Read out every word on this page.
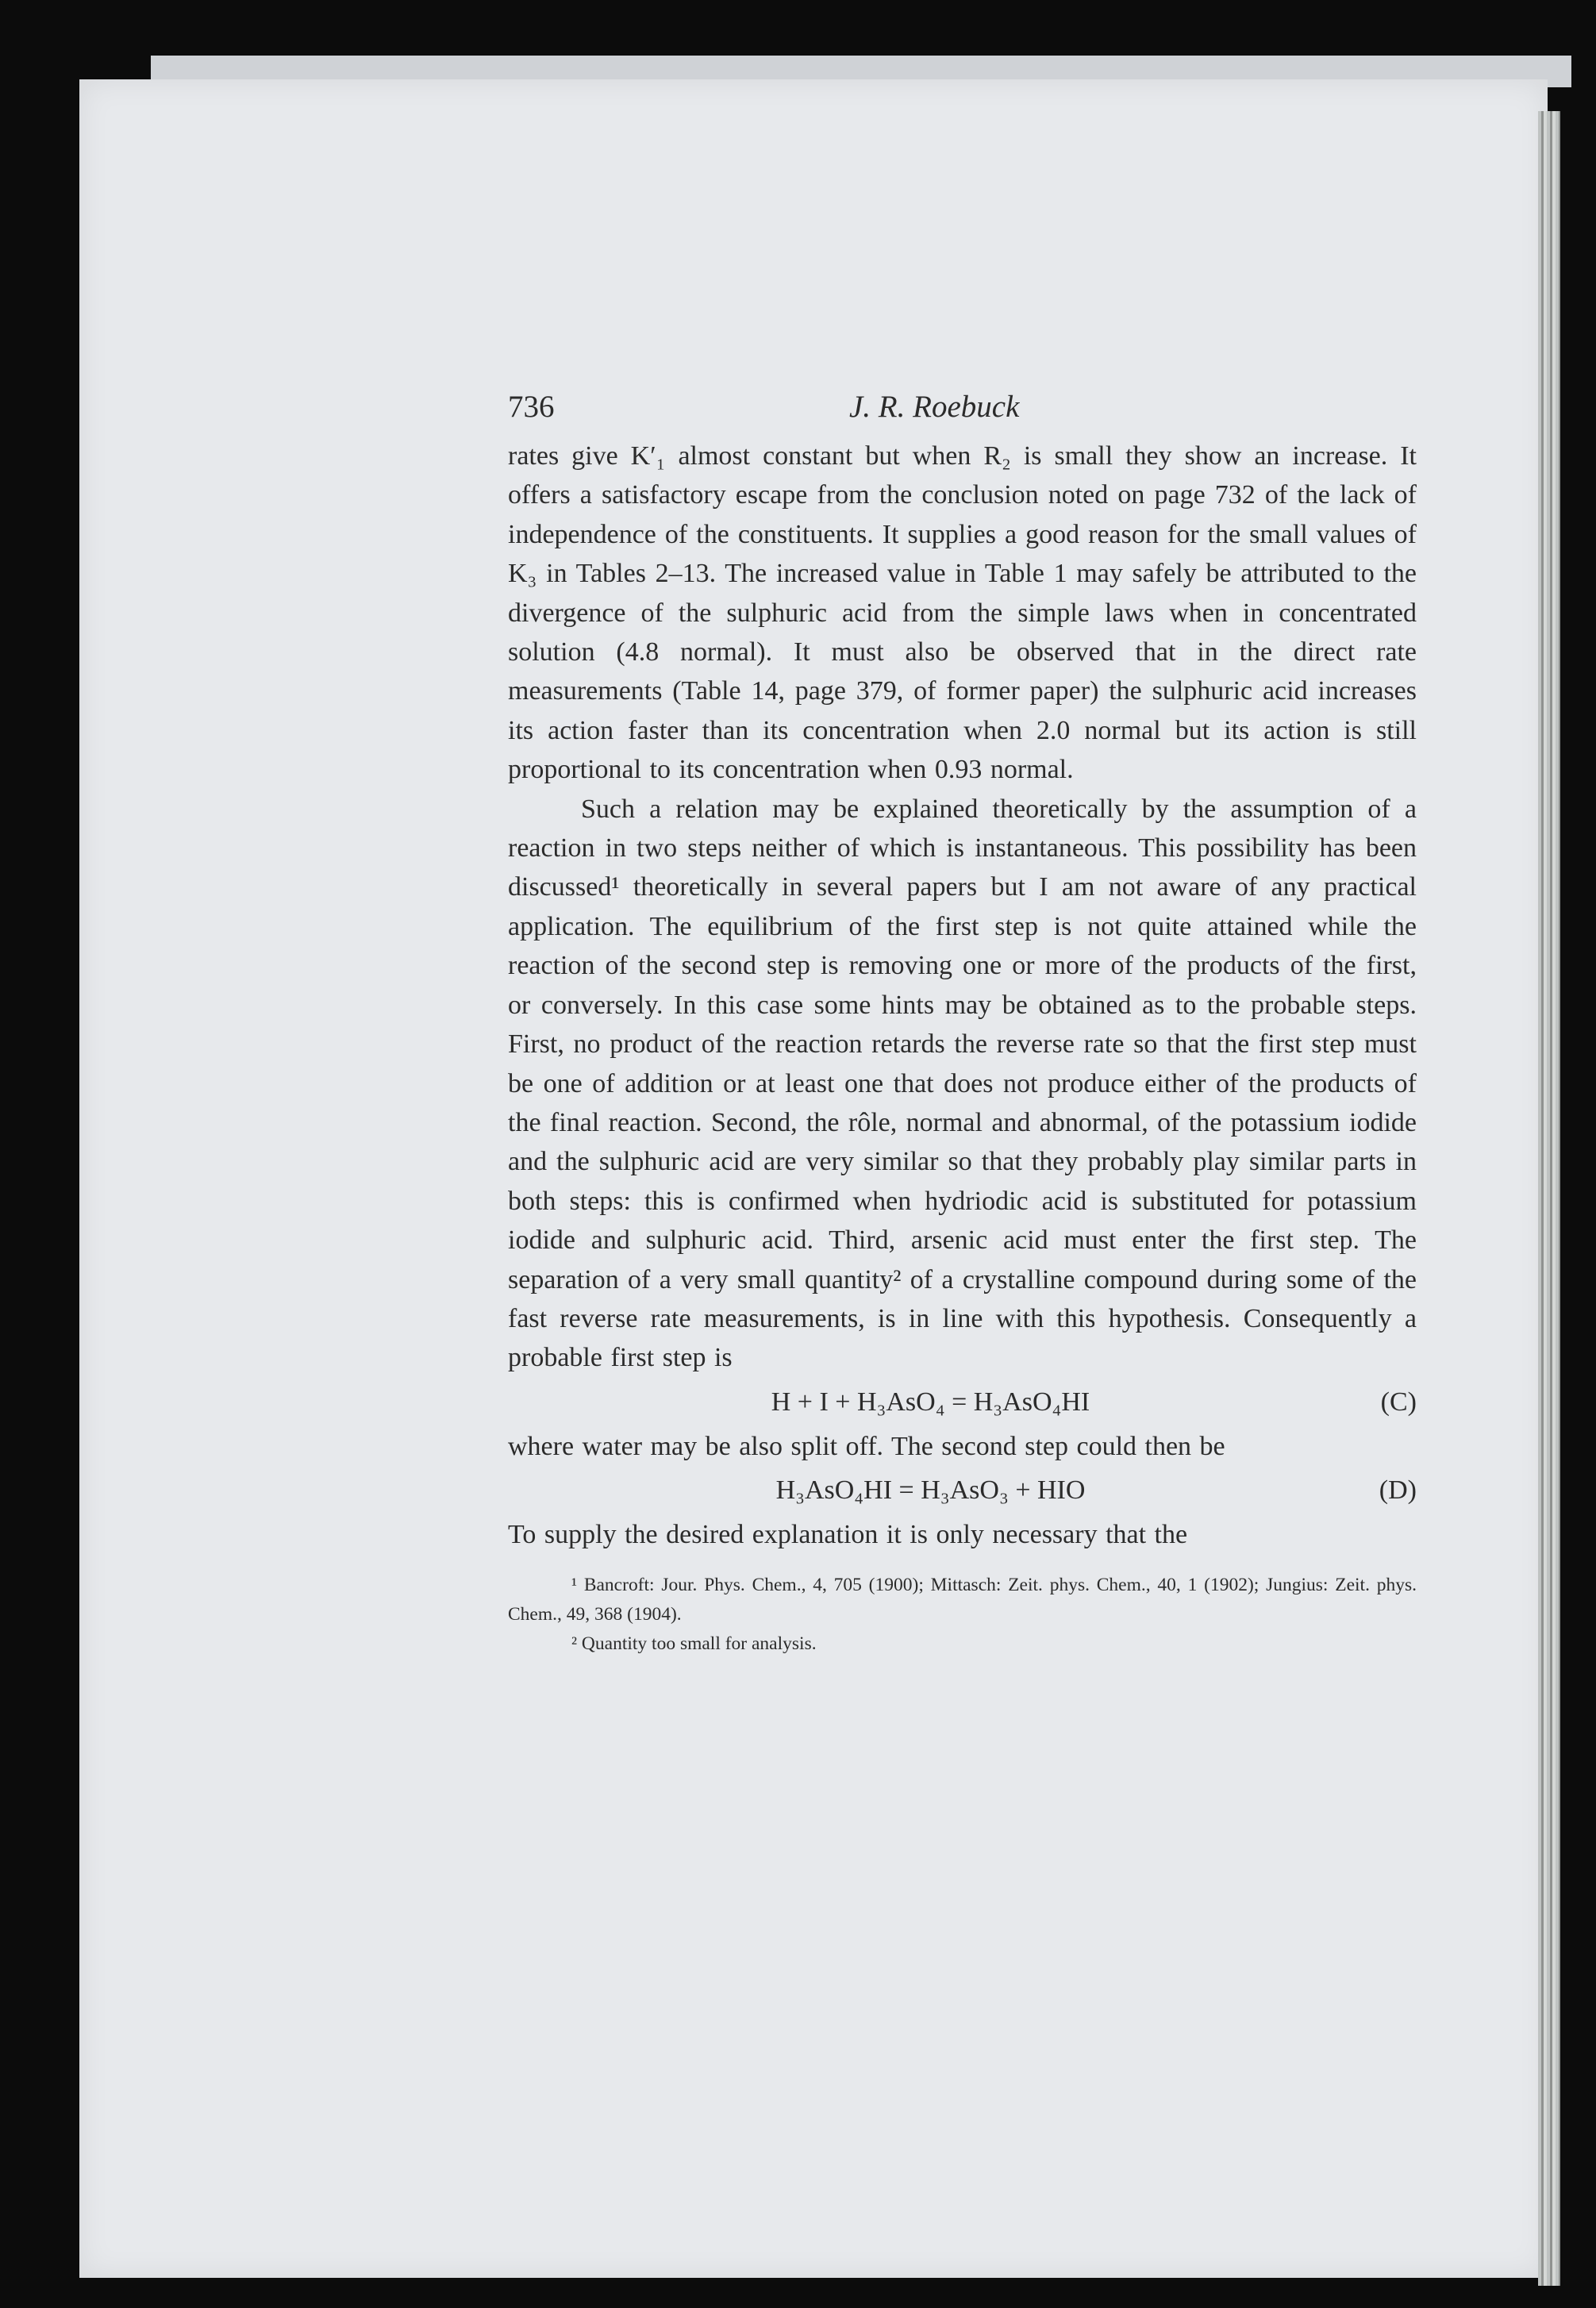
736	J. R. Roebuck

rates give K′₁ almost constant but when R₂ is small they show an increase. It offers a satisfactory escape from the conclusion noted on page 732 of the lack of independence of the constituents. It supplies a good reason for the small values of K₃ in Tables 2–13. The increased value in Table 1 may safely be attributed to the divergence of the sulphuric acid from the simple laws when in concentrated solution (4.8 normal). It must also be observed that in the direct rate measurements (Table 14, page 379, of former paper) the sulphuric acid increases its action faster than its concentration when 2.0 normal but its action is still proportional to its concentration when 0.93 normal.

Such a relation may be explained theoretically by the assumption of a reaction in two steps neither of which is instantaneous. This possibility has been discussed¹ theoretically in several papers but I am not aware of any practical application. The equilibrium of the first step is not quite attained while the reaction of the second step is removing one or more of the products of the first, or conversely. In this case some hints may be obtained as to the probable steps. First, no product of the reaction retards the reverse rate so that the first step must be one of addition or at least one that does not produce either of the products of the final reaction. Second, the rôle, normal and abnormal, of the potassium iodide and the sulphuric acid are very similar so that they probably play similar parts in both steps: this is confirmed when hydriodic acid is substituted for potassium iodide and sulphuric acid. Third, arsenic acid must enter the first step. The separation of a very small quantity² of a crystalline compound during some of the fast reverse rate measurements, is in line with this hypothesis. Consequently a probable first step is

H + I + H₃AsO₄ = H₃AsO₄HI	(C)

where water may be also split off. The second step could then be

H₃AsO₄HI = H₃AsO₃ + HIO	(D)

To supply the desired explanation it is only necessary that the

¹ Bancroft: Jour. Phys. Chem., 4, 705 (1900); Mittasch: Zeit. phys. Chem., 40, 1 (1902); Jungius: Zeit. phys. Chem., 49, 368 (1904).

² Quantity too small for analysis.
